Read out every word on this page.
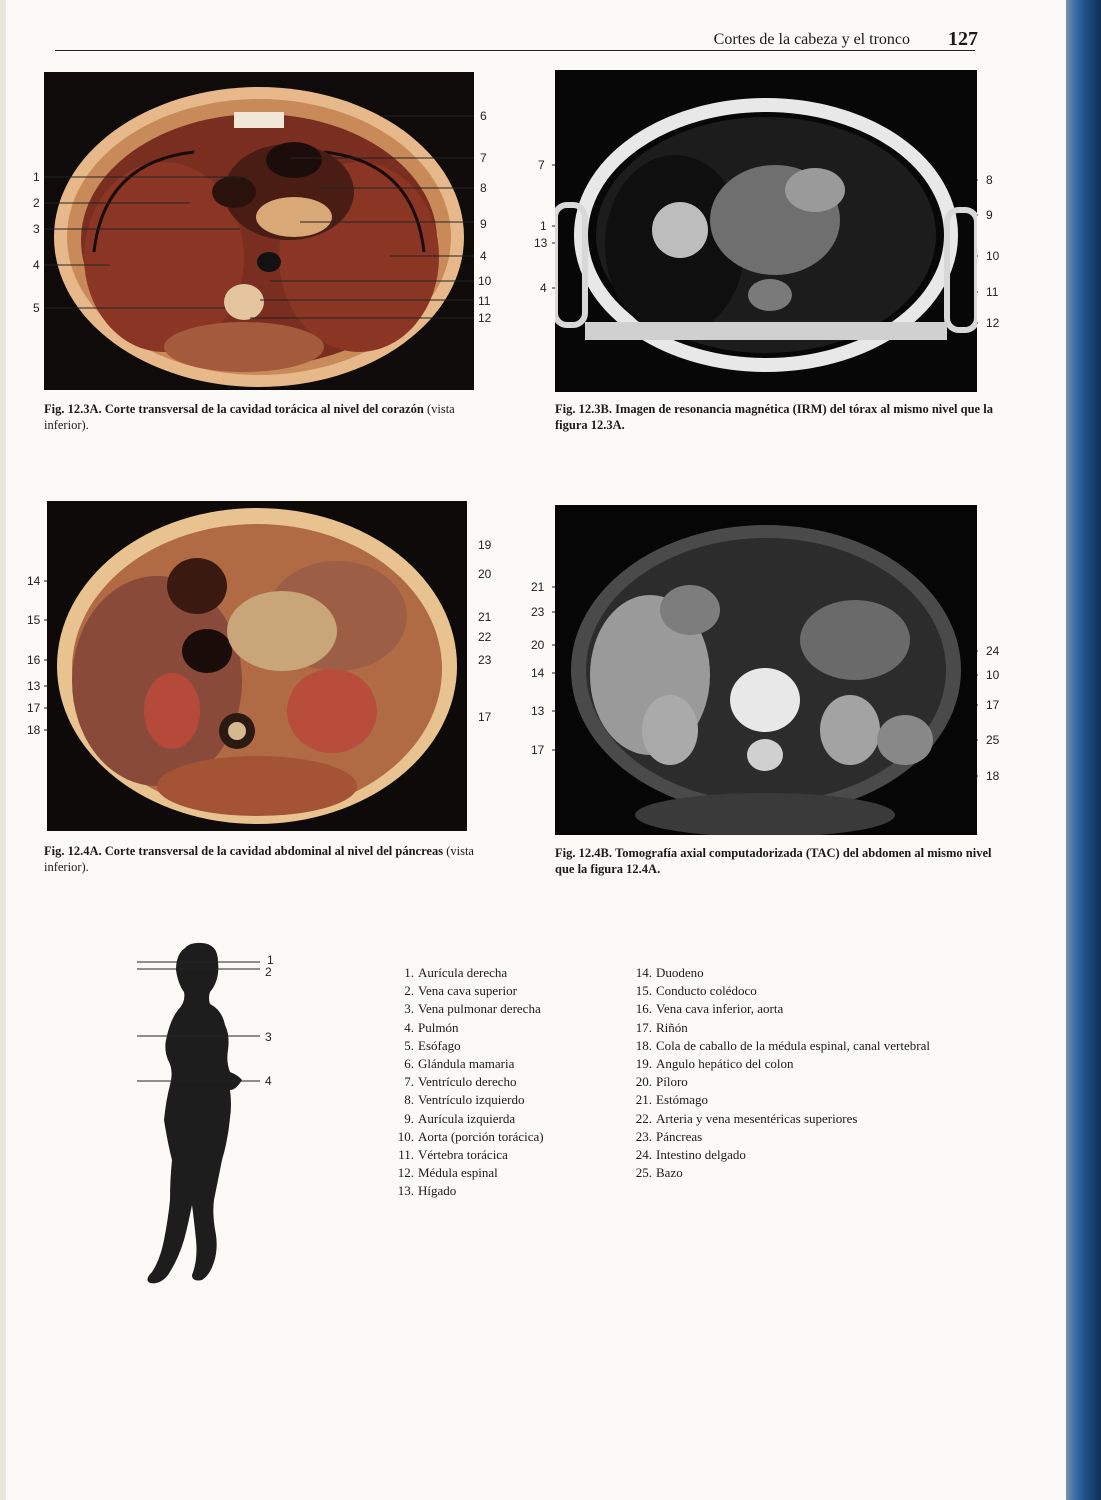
Cortes de la cabeza y el tronco	127
1
2
3
4
5
6
7
8
9
4
10
11
12
Fig. 12.3A. Corte transversal de la cavidad torácica al nivel del corazón (vista inferior).
7
1
13
4
8
9
10
11
12
Fig. 12.3B. Imagen de resonancia magnética (IRM) del tórax al mismo nivel que la figura 12.3A.
14
15
16
13
17
18
19
20
21
22
23
17
Fig. 12.4A. Corte transversal de la cavidad abdominal al nivel del páncreas (vista inferior).
21
23
20
14
13
17
24
10
17
25
18
Fig. 12.4B. Tomografía axial computadorizada (TAC) del abdomen al mismo nivel que la figura 12.4A.
1
2
3
4
1. Aurícula derecha
2. Vena cava superior
3. Vena pulmonar derecha
4. Pulmón
5. Esófago
6. Glándula mamaria
7. Ventrículo derecho
8. Ventrículo izquierdo
9. Aurícula izquierda
10. Aorta (porción torácica)
11. Vértebra torácica
12. Médula espinal
13. Hígado
14. Duodeno
15. Conducto colédoco
16. Vena cava inferior, aorta
17. Riñón
18. Cola de caballo de la médula espinal, canal vertebral
19. Angulo hepático del colon
20. Píloro
21. Estómago
22. Arteria y vena mesentéricas superiores
23. Páncreas
24. Intestino delgado
25. Bazo
